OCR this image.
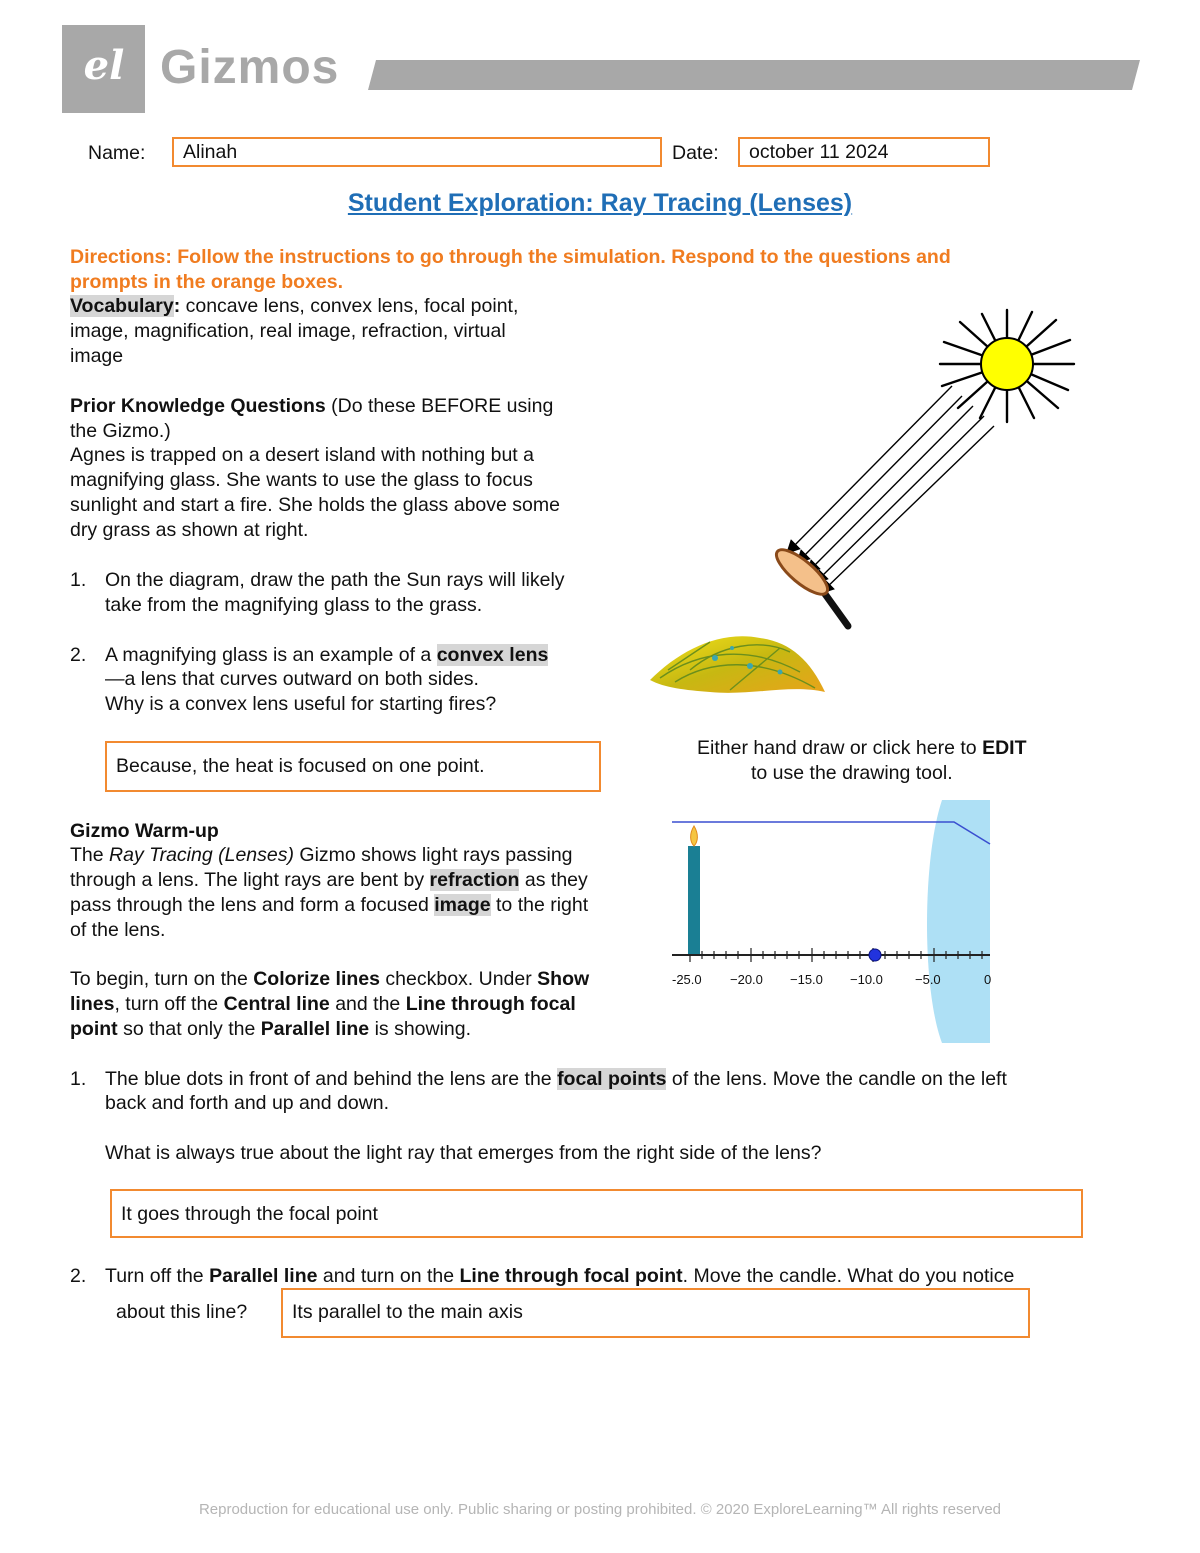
el Gizmos
Name: Alinah	Date: october 11 2024
Student Exploration: Ray Tracing (Lenses)
Directions: Follow the instructions to go through the simulation. Respond to the questions and
prompts in the orange boxes.
Vocabulary: concave lens, convex lens, focal point,
image, magnification, real image, refraction, virtual
image
Prior Knowledge Questions (Do these BEFORE using
the Gizmo.)
Agnes is trapped on a desert island with nothing but a
magnifying glass. She wants to use the glass to focus
sunlight and start a fire. She holds the glass above some
dry grass as shown at right.
1. On the diagram, draw the path the Sun rays will likely
take from the magnifying glass to the grass.
2. A magnifying glass is an example of a convex lens
—a lens that curves outward on both sides.
Why is a convex lens useful for starting fires?
Because, the heat is focused on one point.
Either hand draw or click here to EDIT
to use the drawing tool.
Gizmo Warm-up
The Ray Tracing (Lenses) Gizmo shows light rays passing
through a lens. The light rays are bent by refraction as they
pass through the lens and form a focused image to the right
of the lens.
To begin, turn on the Colorize lines checkbox. Under Show
lines, turn off the Central line and the Line through focal
point so that only the Parallel line is showing.
-25.0 −20.0 −15.0 −10.0 −5.0	0
1. The blue dots in front of and behind the lens are the focal points of the lens. Move the candle on the left
back and forth and up and down.
What is always true about the light ray that emerges from the right side of the lens?
It goes through the focal point
2. Turn off the Parallel line and turn on the Line through focal point. Move the candle. What do you notice
about this line? Its parallel to the main axis
Reproduction for educational use only. Public sharing or posting prohibited. © 2020 ExploreLearning™ All rights reserved
